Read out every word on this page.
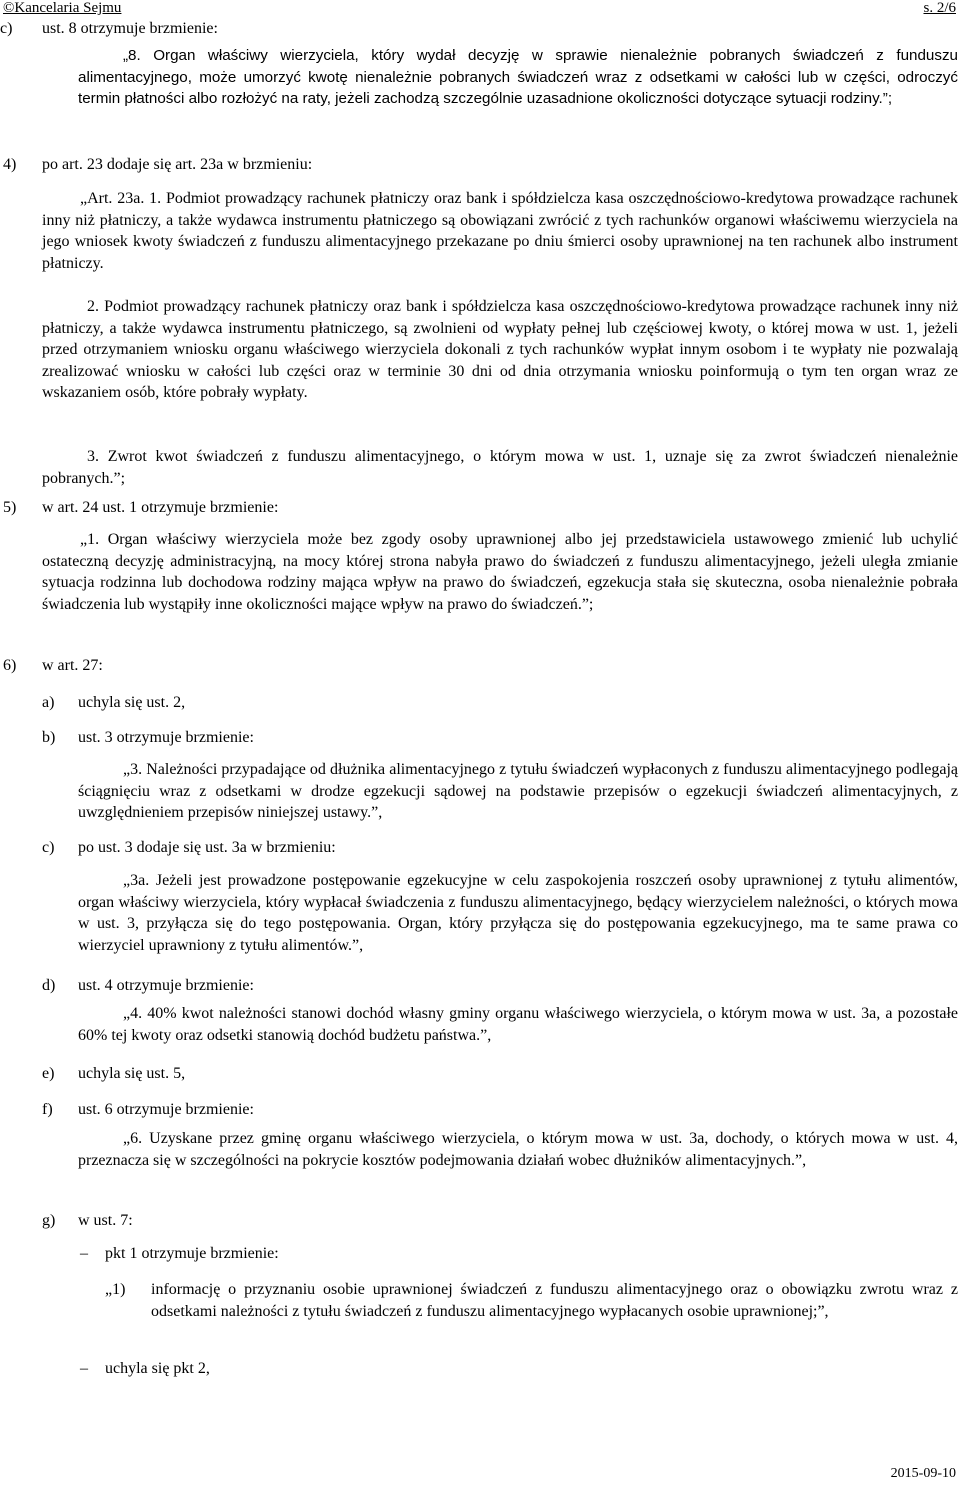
©Kancelaria Sejmu	s. 2/6
c) ust. 8 otrzymuje brzmienie:

„8. Organ właściwy wierzyciela, który wydał decyzję w sprawie nienależnie pobranych świadczeń z funduszu alimentacyjnego, może umorzyć kwotę nienależnie pobranych świadczeń wraz z odsetkami w całości lub w części, odroczyć termin płatności albo rozłożyć na raty, jeżeli zachodzą szczególnie uzasadnione okoliczności dotyczące sytuacji rodziny.”;

4) po art. 23 dodaje się art. 23a w brzmieniu:

„Art. 23a. 1. Podmiot prowadzący rachunek płatniczy oraz bank i spółdzielcza kasa oszczędnościowo-kredytowa prowadzące rachunek inny niż płatniczy, a także wydawca instrumentu płatniczego są obowiązani zwrócić z tych rachunków organowi właściwemu wierzyciela na jego wniosek kwoty świadczeń z funduszu alimentacyjnego przekazane po dniu śmierci osoby uprawnionej na ten rachunek albo instrument płatniczy.

2. Podmiot prowadzący rachunek płatniczy oraz bank i spółdzielcza kasa oszczędnościowo-kredytowa prowadzące rachunek inny niż płatniczy, a także wydawca instrumentu płatniczego, są zwolnieni od wypłaty pełnej lub częściowej kwoty, o której mowa w ust. 1, jeżeli przed otrzymaniem wniosku organu właściwego wierzyciela dokonali z tych rachunków wypłat innym osobom i te wypłaty nie pozwalają zrealizować wniosku w całości lub części oraz w terminie 30 dni od dnia otrzymania wniosku poinformują o tym ten organ wraz ze wskazaniem osób, które pobrały wypłaty.

3. Zwrot kwot świadczeń z funduszu alimentacyjnego, o którym mowa w ust. 1, uznaje się za zwrot świadczeń nienależnie pobranych.”;

5) w art. 24 ust. 1 otrzymuje brzmienie:

„1. Organ właściwy wierzyciela może bez zgody osoby uprawnionej albo jej przedstawiciela ustawowego zmienić lub uchylić ostateczną decyzję administracyjną, na mocy której strona nabyła prawo do świadczeń z funduszu alimentacyjnego, jeżeli uległa zmianie sytuacja rodzinna lub dochodowa rodziny mająca wpływ na prawo do świadczeń, egzekucja stała się skuteczna, osoba nienależnie pobrała świadczenia lub wystąpiły inne okoliczności mające wpływ na prawo do świadczeń.”;

6) w art. 27:
a) uchyla się ust. 2,
b) ust. 3 otrzymuje brzmienie:

„3. Należności przypadające od dłużnika alimentacyjnego z tytułu świadczeń wypłaconych z funduszu alimentacyjnego podlegają ściągnięciu wraz z odsetkami w drodze egzekucji sądowej na podstawie przepisów o egzekucji świadczeń alimentacyjnych, z uwzględnieniem przepisów niniejszej ustawy.”,

c) po ust. 3 dodaje się ust. 3a w brzmieniu:

„3a. Jeżeli jest prowadzone postępowanie egzekucyjne w celu zaspokojenia roszczeń osoby uprawnionej z tytułu alimentów, organ właściwy wierzyciela, który wypłacał świadczenia z funduszu alimentacyjnego, będący wierzycielem należności, o których mowa w ust. 3, przyłącza się do tego postępowania. Organ, który przyłącza się do postępowania egzekucyjnego, ma te same prawa co wierzyciel uprawniony z tytułu alimentów.”,

d) ust. 4 otrzymuje brzmienie:

„4. 40% kwot należności stanowi dochód własny gminy organu właściwego wierzyciela, o którym mowa w ust. 3a, a pozostałe 60% tej kwoty oraz odsetki stanowią dochód budżetu państwa.”,

e) uchyla się ust. 5,
f) ust. 6 otrzymuje brzmienie:

„6. Uzyskane przez gminę organu właściwego wierzyciela, o którym mowa w ust. 3a, dochody, o których mowa w ust. 4, przeznacza się w szczególności na pokrycie kosztów podejmowania działań wobec dłużników alimentacyjnych.”,

g) w ust. 7:
– pkt 1 otrzymuje brzmienie:
„1) informację o przyznaniu osobie uprawnionej świadczeń z funduszu alimentacyjnego oraz o obowiązku zwrotu wraz z odsetkami należności z tytułu świadczeń z funduszu alimentacyjnego wypłacanych osobie uprawnionej;”,

– uchyla się pkt 2,
2015-09-10
